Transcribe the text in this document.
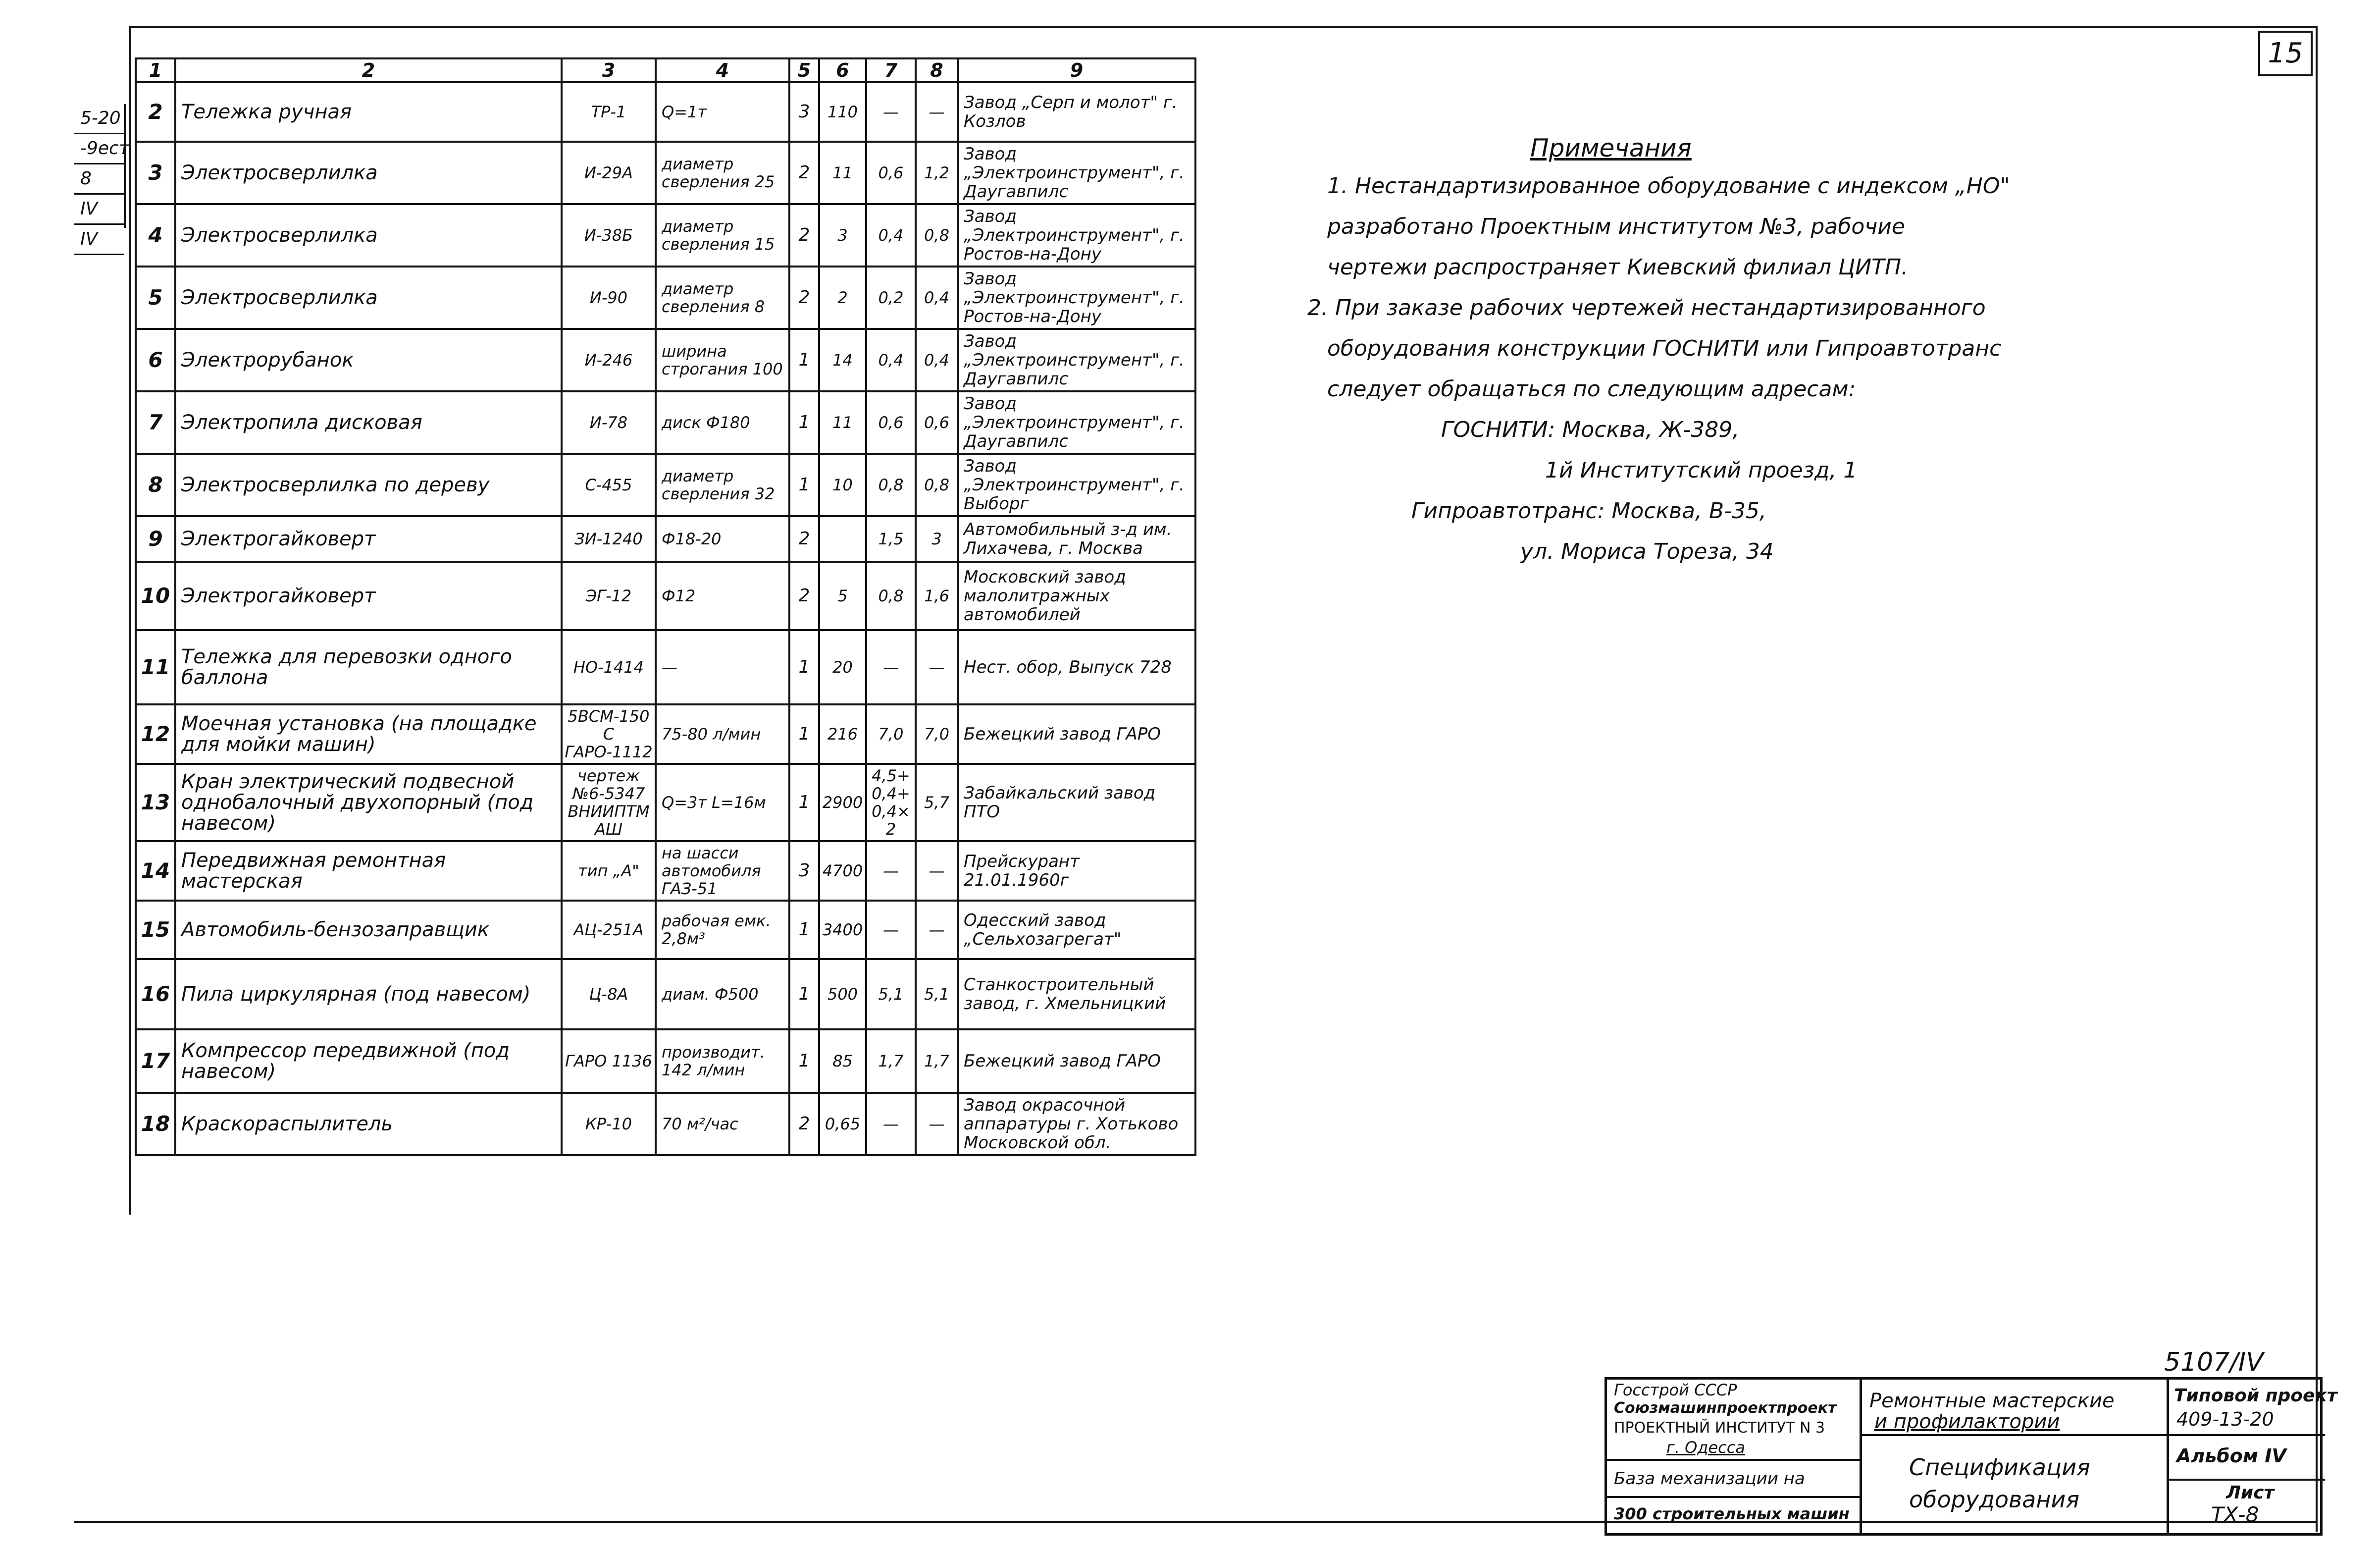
15
5-20
-9ест
8
IV
IV
1	2	3	4	5	6	7	8	9
2	Тележка ручная	ТР-1	Q=1т	3	110	—	—	Завод „Серп и молот" г. Козлов
3	Электросверлилка	И-29А	диаметр сверления 25	2	11	0,6	1,2	Завод „Электроинструмент", г. Даугавпилс
4	Электросверлилка	И-38Б	диаметр сверления 15	2	3	0,4	0,8	Завод „Электроинструмент", г. Ростов-на-Дону
5	Электросверлилка	И-90	диаметр сверления 8	2	2	0,2	0,4	Завод „Электроинструмент", г. Ростов-на-Дону
6	Электрорубанок	И-246	ширина строгания 100	1	14	0,4	0,4	Завод „Электроинструмент", г. Даугавпилс
7	Электропила дисковая	И-78	диск Ф180	1	11	0,6	0,6	Завод „Электроинструмент", г. Даугавпилс
8	Электросверлилка по дереву	С-455	диаметр сверления 32	1	10	0,8	0,8	Завод „Электроинструмент", г. Выборг
9	Электрогайковерт	ЗИ-1240	Ф18-20	2		1,5	3	Автомобильный з-д им. Лихачева, г. Москва
10	Электрогайковерт	ЭГ-12	Ф12	2	5	0,8	1,6	Московский завод малолитражных автомобилей
11	Тележка для перевозки одного баллона	НО-1414	—	1	20	—	—	Нест. обор, Выпуск 728
12	Моечная установка (на площадке для мойки машин)	5ВСМ-150С ГАРО-1112	75-80 л/мин	1	216	7,0	7,0	Бежецкий завод ГАРО
13	Кран электрический подвесной однобалочный двухопорный (под навесом)	чертеж №6-5347 ВНИИПТМАШ	Q=3т L=16м	1	2900	4,5+0,4+0,4×2	5,7	Забайкальский завод ПТО
14	Передвижная ремонтная мастерская	тип „А"	на шасси автомобиля ГАЗ-51	3	4700	—	—	Прейскурант 21.01.1960г
15	Автомобиль-бензозаправщик	АЦ-251А	рабочая емк. 2,8м³	1	3400	—	—	Одесский завод „Сельхозагрегат"
16	Пила циркулярная (под навесом)	Ц-8А	диам. Ф500	1	500	5,1	5,1	Станкостроительный завод, г. Хмельницкий
17	Компрессор передвижной (под навесом)	ГАРО 1136	производит. 142 л/мин	1	85	1,7	1,7	Бежецкий завод ГАРО
18	Краскораспылитель	КР-10	70 м²/час	2	0,65	—	—	Завод окрасочной аппаратуры г. Хотьково Московской обл.
Примечания
1. Нестандартизированное оборудование с индексом „НО"
разработано Проектным институтом №3, рабочие
чертежи распространяет Киевский филиал ЦИТП.
2. При заказе рабочих чертежей нестандартизированного
оборудования конструкции ГОСНИТИ или Гипроавтотранс
следует обращаться по следующим адресам:
ГОСНИТИ: Москва, Ж-389,
1й Институтский проезд, 1
Гипроавтотранс: Москва, В-35,
ул. Мориса Тореза, 34
5107/IV
Госстрой СССР
Союзмашинпроектпроект
ПРОЕКТНЫЙ ИНСТИТУТ N 3
г. Одесса
База механизации на
300 строительных машин
Ремонтные мастерские
и профилактории
Спецификация
оборудования
Типовой проект
409-13-20
Альбом IV
Лист
ТХ-8
